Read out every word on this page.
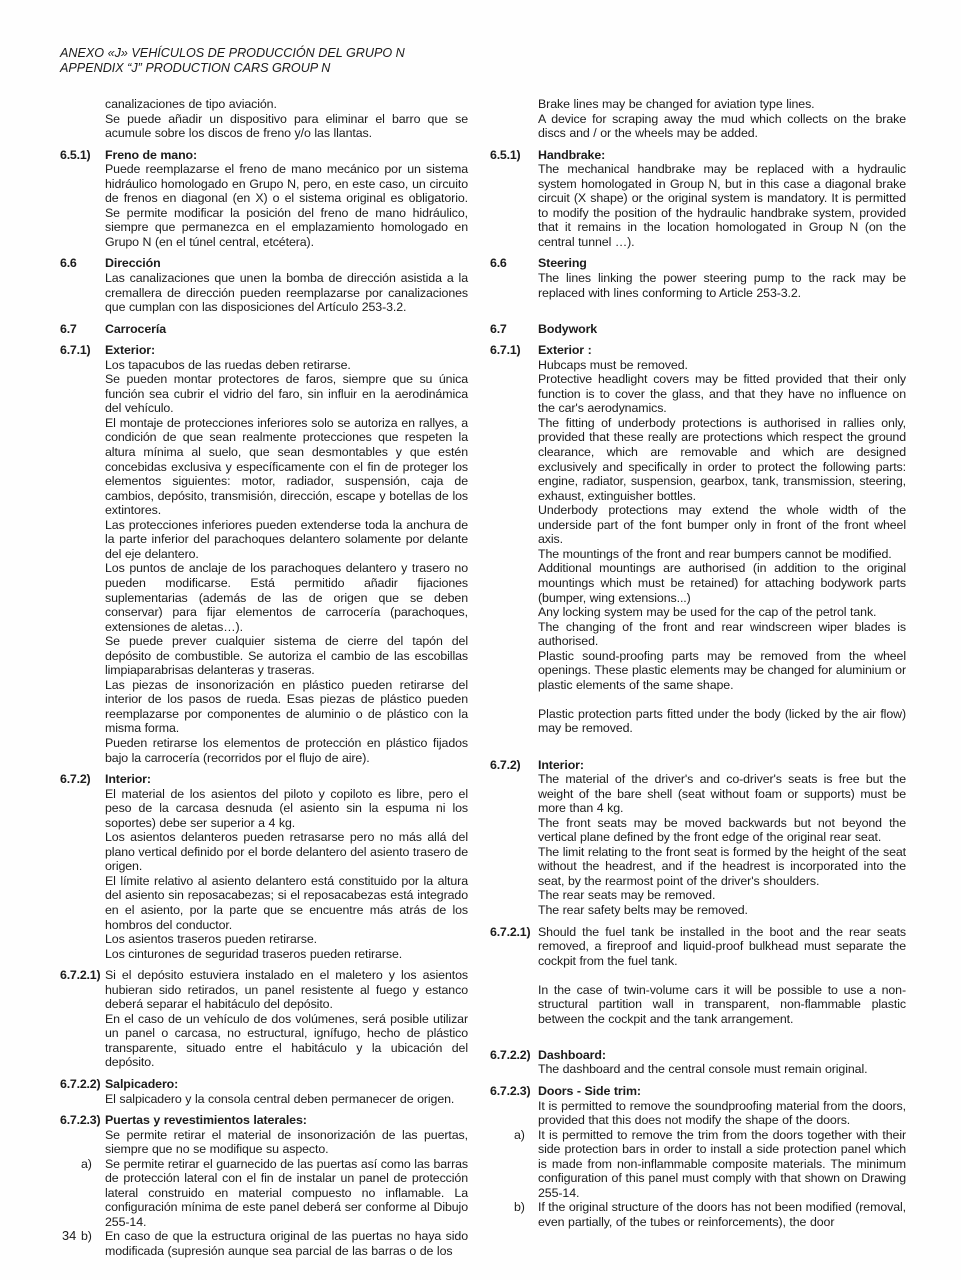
ANEXO «J» VEHÍCULOS DE PRODUCCIÓN DEL GRUPO N
APPENDIX “J” PRODUCTION CARS GROUP N
canalizaciones de tipo aviación.
Se puede añadir un dispositivo para eliminar el barro que se acumule sobre los discos de freno y/o las llantas.
6.5.1) Freno de mano:
Puede reemplazarse el freno de mano mecánico por un sistema hidráulico homologado en Grupo N, pero, en este caso, un circuito de frenos en diagonal (en X) o el sistema original es obligatorio. Se permite modificar la posición del freno de mano hidráulico, siempre que permanezca en el emplazamiento homologado en Grupo N (en el túnel central, etcétera).
6.6 Dirección
Las canalizaciones que unen la bomba de dirección asistida a la cremallera de dirección pueden reemplazarse por canalizaciones que cumplan con las disposiciones del Artículo 253-3.2.
6.7 Carrocería
6.7.1) Exterior:
Los tapacubos de las ruedas deben retirarse.
Se pueden montar protectores de faros, siempre que su única función sea cubrir el vidrio del faro, sin influir en la aerodinámica del vehículo.
El montaje de protecciones inferiores solo se autoriza en rallyes, a condición de que sean realmente protecciones que respeten la altura mínima al suelo, que sean desmontables y que estén concebidas exclusiva y específicamente con el fin de proteger los elementos siguientes: motor, radiador, suspensión, caja de cambios, depósito, transmisión, dirección, escape y botellas de los extintores.
Las protecciones inferiores pueden extenderse toda la anchura de la parte inferior del parachoques delantero solamente por delante del eje delantero.
Los puntos de anclaje de los parachoques delantero y trasero no pueden modificarse. Está permitido añadir fijaciones suplementarias (además de las de origen que se deben conservar) para fijar elementos de carrocería (parachoques, extensiones de aletas…).
Se puede prever cualquier sistema de cierre del tapón del depósito de combustible. Se autoriza el cambio de las escobillas limpiaparabrisas delanteras y traseras.
Las piezas de insonorización en plástico pueden retirarse del interior de los pasos de rueda. Esas piezas de plástico pueden reemplazarse por componentes de aluminio o de plástico con la misma forma.
Pueden retirarse los elementos de protección en plástico fijados bajo la carrocería (recorridos por el flujo de aire).
6.7.2) Interior:
El material de los asientos del piloto y copiloto es libre, pero el peso de la carcasa desnuda (el asiento sin la espuma ni los soportes) debe ser superior a 4 kg.
Los asientos delanteros pueden retrasarse pero no más allá del plano vertical definido por el borde delantero del asiento trasero de origen.
El límite relativo al asiento delantero está constituido por la altura del asiento sin reposacabezas; si el reposacabezas está integrado en el asiento, por la parte que se encuentre más atrás de los hombros del conductor.
Los asientos traseros pueden retirarse.
Los cinturones de seguridad traseros pueden retirarse.
6.7.2.1) Si el depósito estuviera instalado en el maletero y los asientos hubieran sido retirados, un panel resistente al fuego y estanco deberá separar el habitáculo del depósito.
En el caso de un vehículo de dos volúmenes, será posible utilizar un panel o carcasa, no estructural, ignífugo, hecho de plástico transparente, situado entre el habitáculo y la ubicación del depósito.
6.7.2.2) Salpicadero:
El salpicadero y la consola central deben permanecer de origen.
6.7.2.3) Puertas y revestimientos laterales:
Se permite retirar el material de insonorización de las puertas, siempre que no se modifique su aspecto.
a) Se permite retirar el guarnecido de las puertas así como las barras de protección lateral con el fin de instalar un panel de protección lateral construido en material compuesto no inflamable. La configuración mínima de este panel deberá ser conforme al Dibujo 255-14.
b) En caso de que la estructura original de las puertas no haya sido modificada (supresión aunque sea parcial de las barras o de los
Brake lines may be changed for aviation type lines.
A device for scraping away the mud which collects on the brake discs and / or the wheels may be added.
6.5.1) Handbrake:
The mechanical handbrake may be replaced with a hydraulic system homologated in Group N, but in this case a diagonal brake circuit (X shape) or the original system is mandatory. It is permitted to modify the position of the hydraulic handbrake system, provided that it remains in the location homologated in Group N (on the central tunnel …).
6.6	Steering
The lines linking the power steering pump to the rack may be replaced with lines conforming to Article 253-3.2.
6.7	Bodywork
6.7.1) Exterior :
Hubcaps must be removed.
Protective headlight covers may be fitted provided that their only function is to cover the glass, and that they have no influence on the car's aerodynamics.
The fitting of underbody protections is authorised in rallies only, provided that these really are protections which respect the ground clearance, which are removable and which are designed exclusively and specifically in order to protect the following parts: engine, radiator, suspension, gearbox, tank, transmission, steering, exhaust, extinguisher bottles.
Underbody protections may extend the whole width of the underside part of the font bumper only in front of the front wheel axis.
The mountings of the front and rear bumpers cannot be modified.
Additional mountings are authorised (in addition to the original mountings which must be retained) for attaching bodywork parts (bumper, wing extensions...)
Any locking system may be used for the cap of the petrol tank.
The changing of the front and rear windscreen wiper blades is authorised.
Plastic sound-proofing parts may be removed from the wheel openings. These plastic elements may be changed for aluminium or plastic elements of the same shape.
Plastic protection parts fitted under the body (licked by the air flow) may be removed.
6.7.2) Interior:
The material of the driver's and co-driver's seats is free but the weight of the bare shell (seat without foam or supports) must be more than 4 kg.
The front seats may be moved backwards but not beyond the vertical plane defined by the front edge of the original rear seat.
The limit relating to the front seat is formed by the height of the seat without the headrest, and if the headrest is incorporated into the seat, by the rearmost point of the driver's shoulders.
The rear seats may be removed.
The rear safety belts may be removed.
6.7.2.1) Should the fuel tank be installed in the boot and the rear seats removed, a fireproof and liquid-proof bulkhead must separate the cockpit from the fuel tank.
In the case of twin-volume cars it will be possible to use a non-structural partition wall in transparent, non-flammable plastic between the cockpit and the tank arrangement.
6.7.2.2) Dashboard:
The dashboard and the central console must remain original.
6.7.2.3) Doors - Side trim:
It is permitted to remove the soundproofing material from the doors, provided that this does not modify the shape of the doors.
a) It is permitted to remove the trim from the doors together with their side protection bars in order to install a side protection panel which is made from non-inflammable composite materials. The minimum configuration of this panel must comply with that shown on Drawing 255-14.
b) If the original structure of the doors has not been modified (removal, even partially, of the tubes or reinforcements), the door
34
